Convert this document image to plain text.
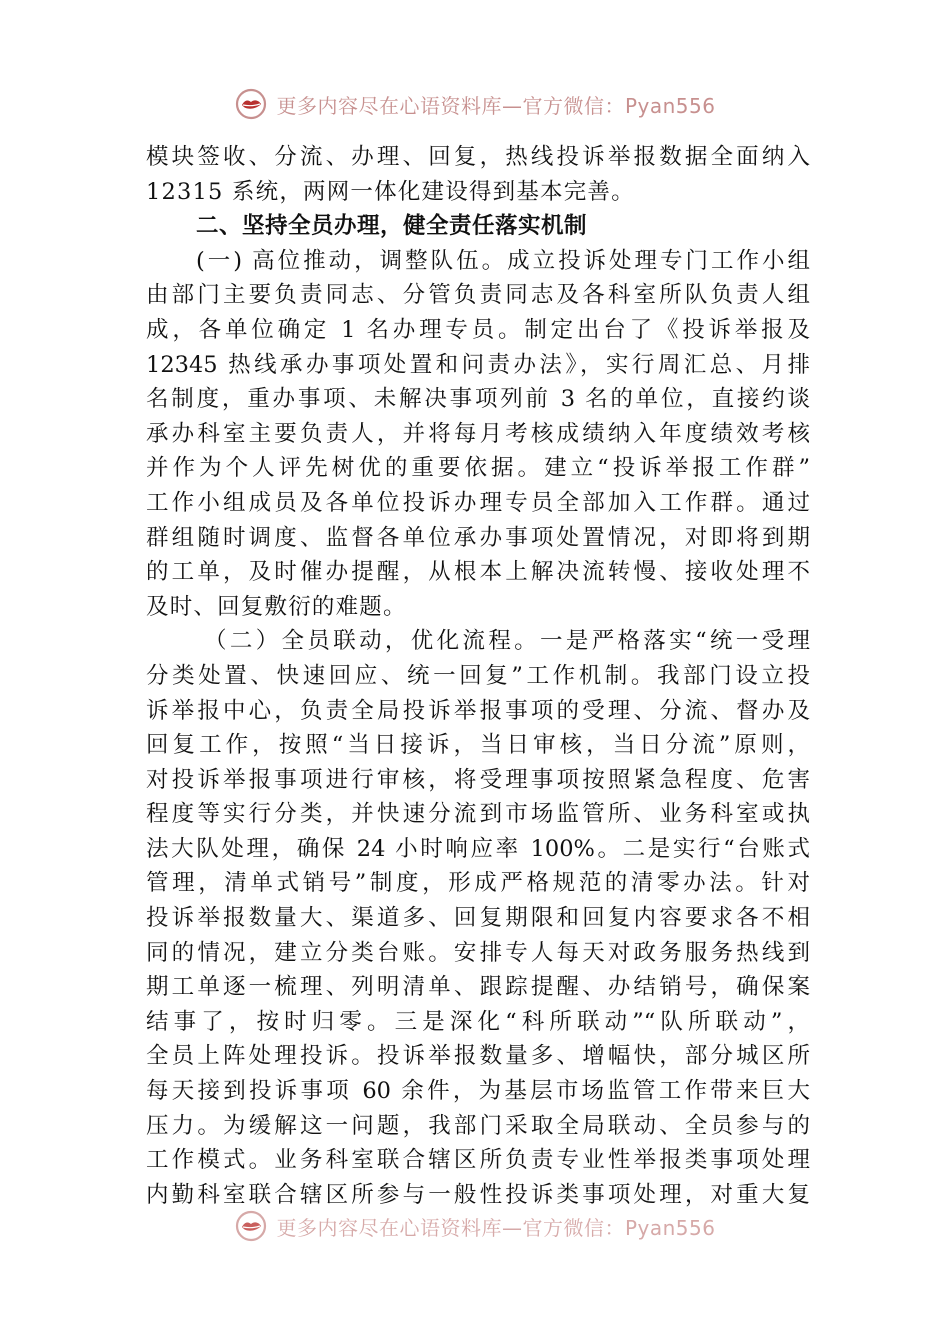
更多内容尽在心语资料库—官方微信：Pyan556
模块签收、分流、办理、回复，热线投诉举报数据全面纳入
12315 系统，两网一体化建设得到基本完善。
二、坚持全员办理，健全责任落实机制
(一) 高位推动，调整队伍。成立投诉处理专门工作小组
由部门主要负责同志、分管负责同志及各科室所队负责人组
成，各单位确定 1 名办理专员。制定出台了《投诉举报及
12345 热线承办事项处置和问责办法》，实行周汇总、月排
名制度，重办事项、未解决事项列前 3 名的单位，直接约谈
承办科室主要负责人，并将每月考核成绩纳入年度绩效考核
并作为个人评先树优的重要依据。建立“投诉举报工作群”
工作小组成员及各单位投诉办理专员全部加入工作群。通过
群组随时调度、监督各单位承办事项处置情况，对即将到期
的工单，及时催办提醒，从根本上解决流转慢、接收处理不
及时、回复敷衍的难题。
（二）全员联动，优化流程。一是严格落实“统一受理
分类处置、快速回应、统一回复”工作机制。我部门设立投
诉举报中心，负责全局投诉举报事项的受理、分流、督办及
回复工作，按照“当日接诉，当日审核，当日分流”原则，
对投诉举报事项进行审核，将受理事项按照紧急程度、危害
程度等实行分类，并快速分流到市场监管所、业务科室或执
法大队处理，确保 24 小时响应率 100%。二是实行“台账式
管理，清单式销号”制度，形成严格规范的清零办法。针对
投诉举报数量大、渠道多、回复期限和回复内容要求各不相
同的情况，建立分类台账。安排专人每天对政务服务热线到
期工单逐一梳理、列明清单、跟踪提醒、办结销号，确保案
结事了，按时归零。三是深化“科所联动”“队所联动”，
全员上阵处理投诉。投诉举报数量多、增幅快，部分城区所
每天接到投诉事项 60 余件，为基层市场监管工作带来巨大
压力。为缓解这一问题，我部门采取全局联动、全员参与的
工作模式。业务科室联合辖区所负责专业性举报类事项处理
内勤科室联合辖区所参与一般性投诉类事项处理，对重大复
更多内容尽在心语资料库—官方微信：Pyan556
